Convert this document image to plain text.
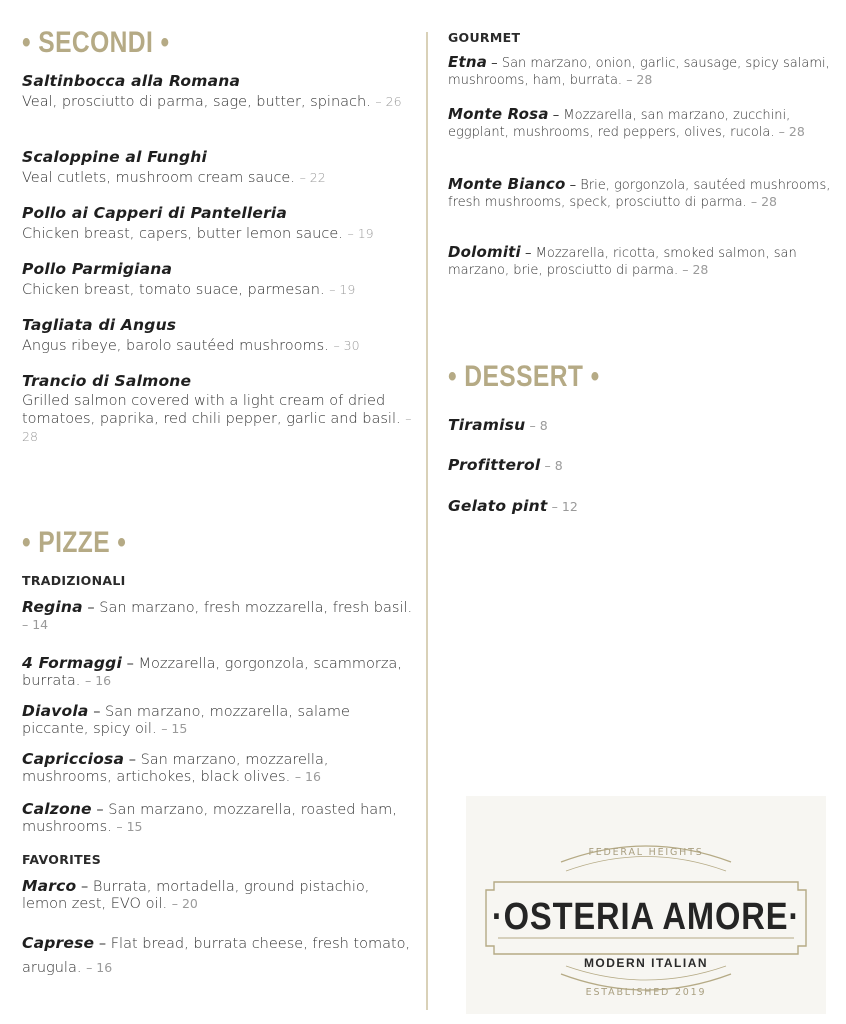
• SECONDI •

Saltinbocca alla Romana

Veal, prosciutto di parma, sage, butter, spinach. – 26

Scaloppine al Funghi

Veal cutlets, mushroom cream sauce. – 22

Pollo ai Capperi di Pantelleria

Chicken breast, capers, butter lemon sauce. – 19

Pollo Parmigiana

Chicken breast, tomato suace, parmesan. – 19

Tagliata di Angus

Angus ribeye, barolo sautéed mushrooms. – 30

Trancio di Salmone

Grilled salmon covered with a light cream of dried tomatoes, paprika, red chili pepper, garlic and basil. – 28

• PIZZE •

TRADIZIONALI

Regina – San marzano, fresh mozzarella, fresh basil. – 14
4 Formaggi – Mozzarella, gorgonzola, scammorza, burrata. – 16
Diavola – San marzano, mozzarella, salame piccante, spicy oil. – 15
Capricciosa – San marzano, mozzarella, mushrooms, artichokes, black olives. – 16
Calzone – San marzano, mozzarella, roasted ham, mushrooms. – 15

FAVORITES

Marco – Burrata, mortadella, ground pistachio, lemon zest, EVO oil. – 20
Caprese – Flat bread, burrata cheese, fresh tomato, arugula. – 16

GOURMET

Etna – San marzano, onion, garlic, sausage, spicy salami, mushrooms, ham, burrata. – 28
Monte Rosa – Mozzarella, san marzano, zucchini, eggplant, mushrooms, red peppers, olives, rucola. – 28
Monte Bianco – Brie, gorgonzola, sautéed mushrooms, fresh mushrooms, speck, prosciutto di parma. – 28
Dolomiti – Mozzarella, ricotta, smoked salmon, san marzano, brie, prosciutto di parma. – 28
• DESSERT •
Tiramisu – 8
Profitterol – 8
Gelato pint – 12

FEDERAL HEIGHTS

·OSTERIA AMORE·

MODERN ITALIAN

ESTABLISHED 2019
